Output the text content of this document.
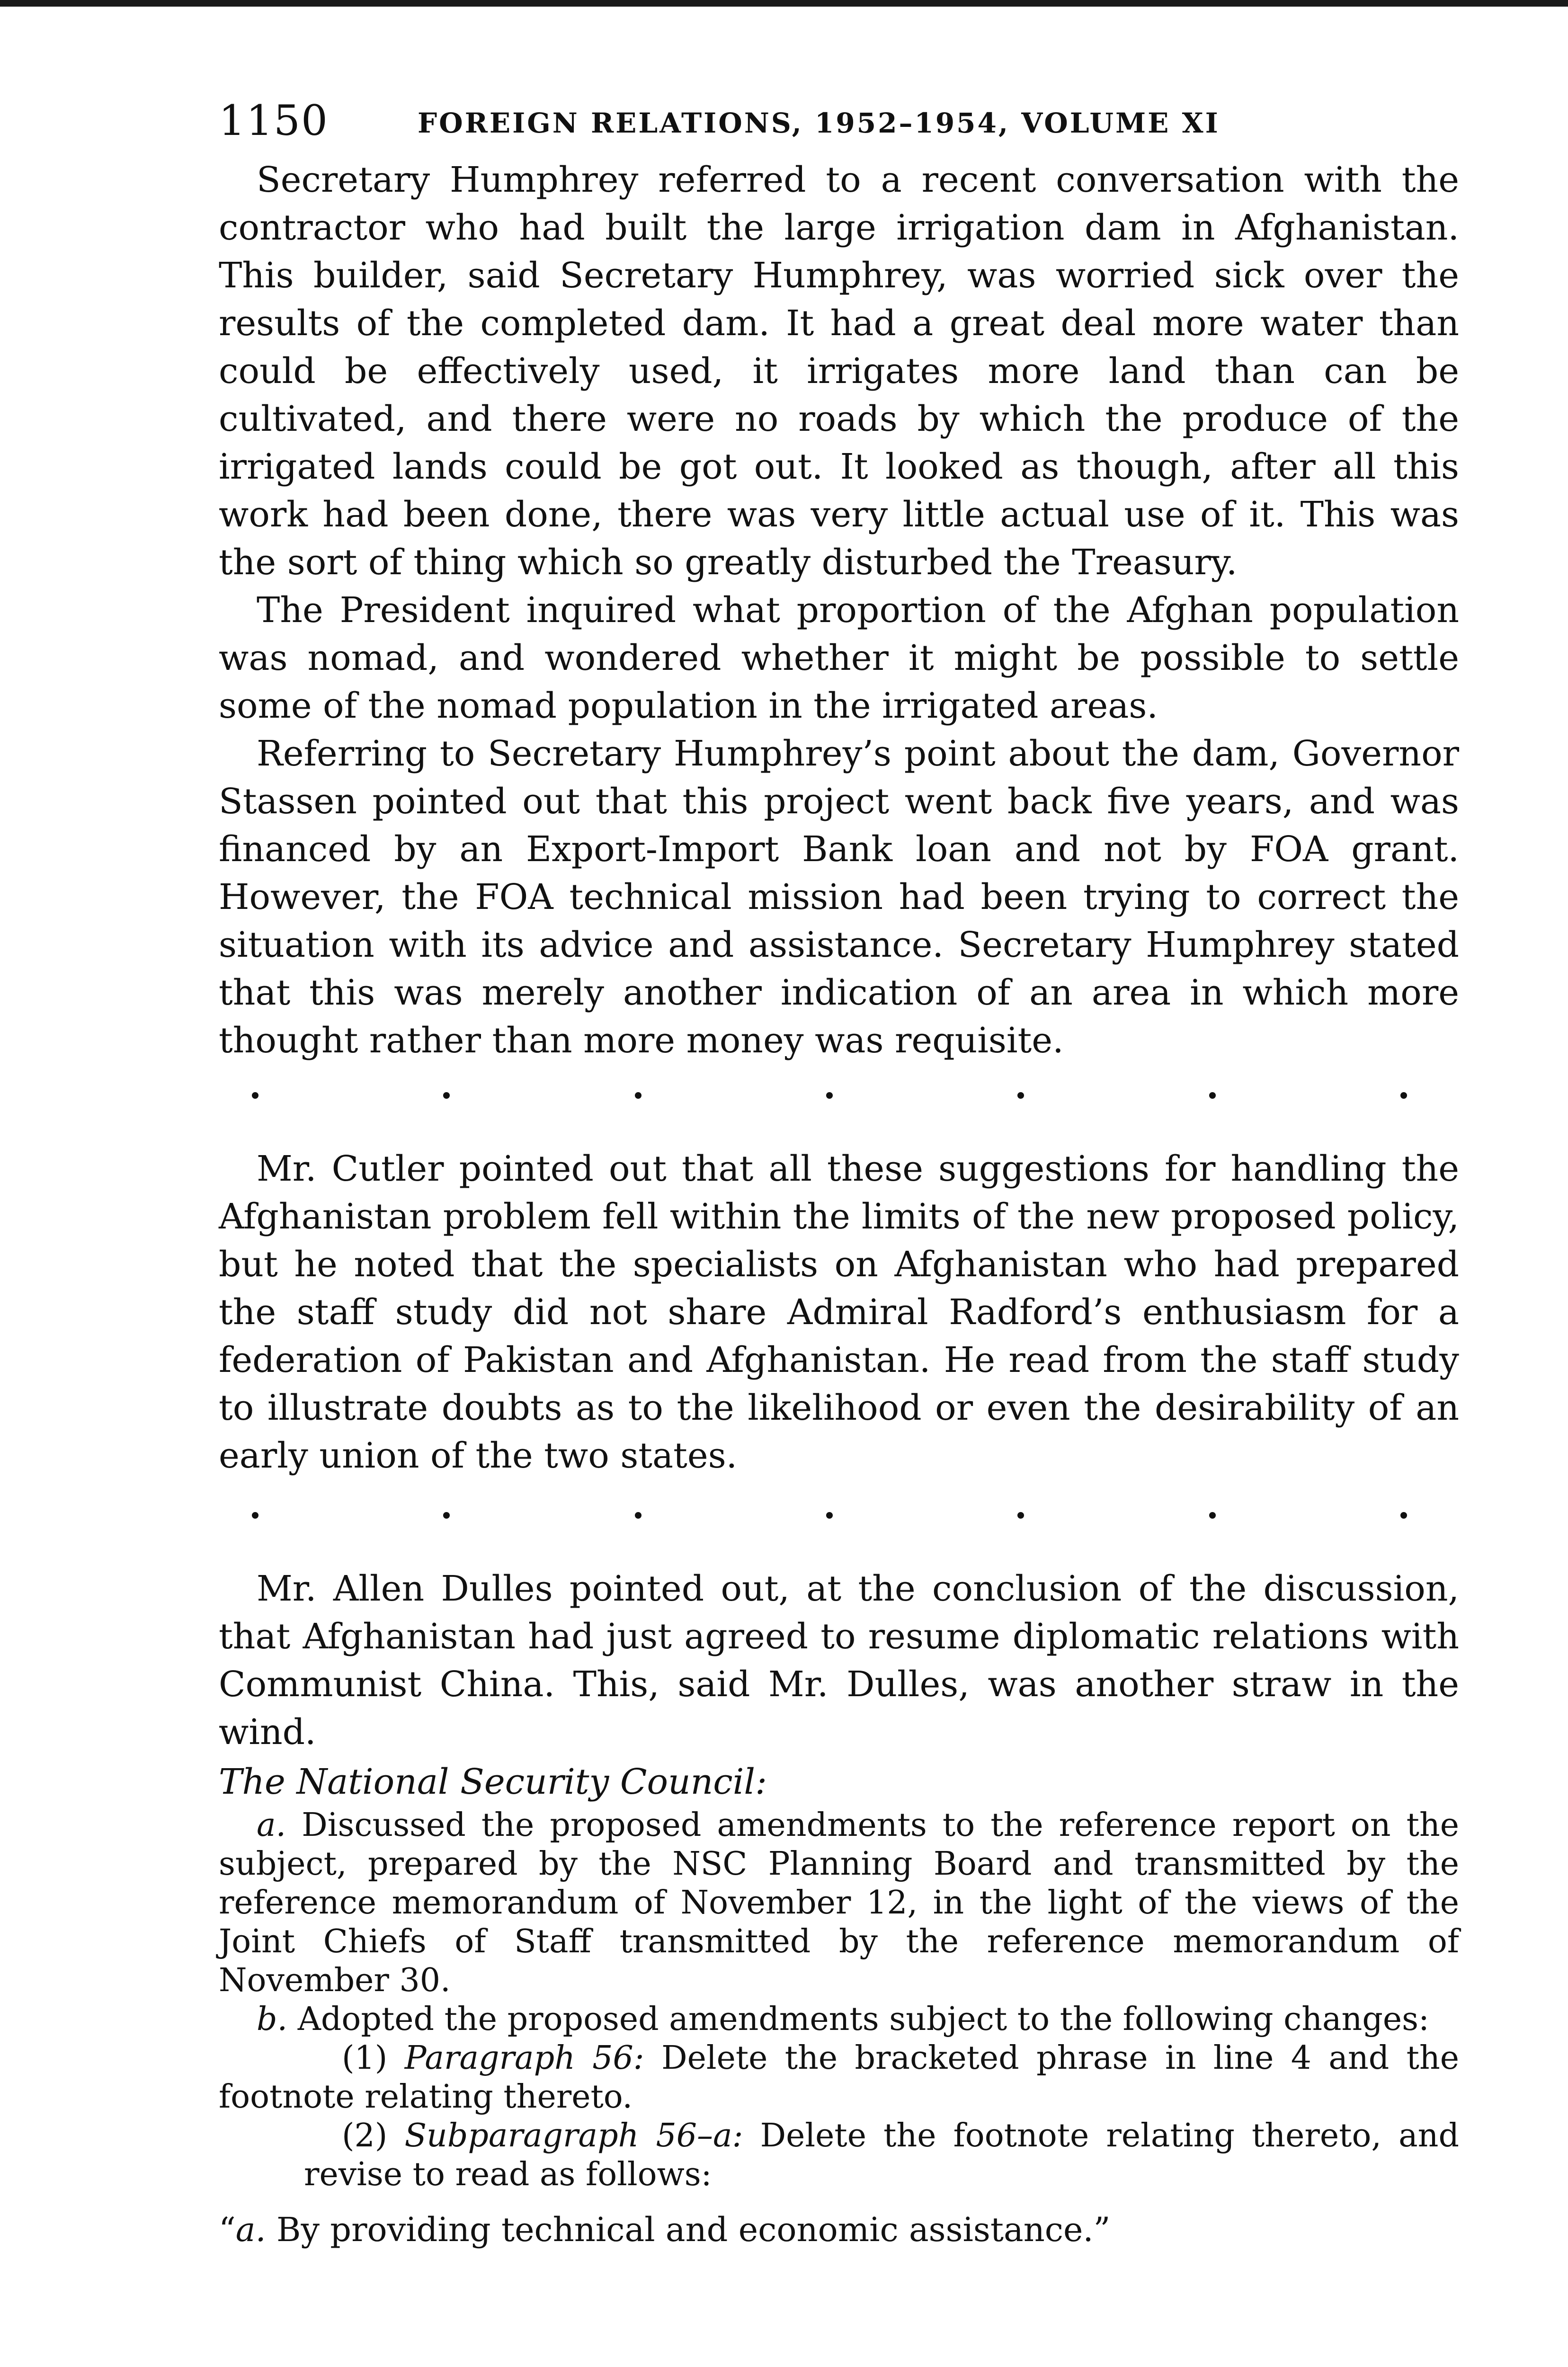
1150	FOREIGN RELATIONS, 1952–1954, VOLUME XI

Secretary Humphrey referred to a recent conversation with the contractor who had built the large irrigation dam in Afghanistan. This builder, said Secretary Humphrey, was worried sick over the results of the completed dam. It had a great deal more water than could be effectively used, it irrigates more land than can be cultivated, and there were no roads by which the produce of the irrigated lands could be got out. It looked as though, after all this work had been done, there was very little actual use of it. This was the sort of thing which so greatly disturbed the Treasury.

The President inquired what proportion of the Afghan population was nomad, and wondered whether it might be possible to settle some of the nomad population in the irrigated areas.

Referring to Secretary Humphrey’s point about the dam, Governor Stassen pointed out that this project went back five years, and was financed by an Export-Import Bank loan and not by FOA grant. However, the FOA technical mission had been trying to correct the situation with its advice and assistance. Secretary Humphrey stated that this was merely another indication of an area in which more thought rather than more money was requisite.

Mr. Cutler pointed out that all these suggestions for handling the Afghanistan problem fell within the limits of the new proposed policy, but he noted that the specialists on Afghanistan who had prepared the staff study did not share Admiral Radford’s enthusiasm for a federation of Pakistan and Afghanistan. He read from the staff study to illustrate doubts as to the likelihood or even the desirability of an early union of the two states.

Mr. Allen Dulles pointed out, at the conclusion of the discussion, that Afghanistan had just agreed to resume diplomatic relations with Communist China. This, said Mr. Dulles, was another straw in the wind.

The National Security Council:

a. Discussed the proposed amendments to the reference report on the subject, prepared by the NSC Planning Board and transmitted by the reference memorandum of November 12, in the light of the views of the Joint Chiefs of Staff transmitted by the reference memorandum of November 30.

b. Adopted the proposed amendments subject to the following changes:

(1) Paragraph 56: Delete the bracketed phrase in line 4 and the footnote relating thereto.

(2) Subparagraph 56–a: Delete the footnote relating thereto, and revise to read as follows:

“a. By providing technical and economic assistance.”
